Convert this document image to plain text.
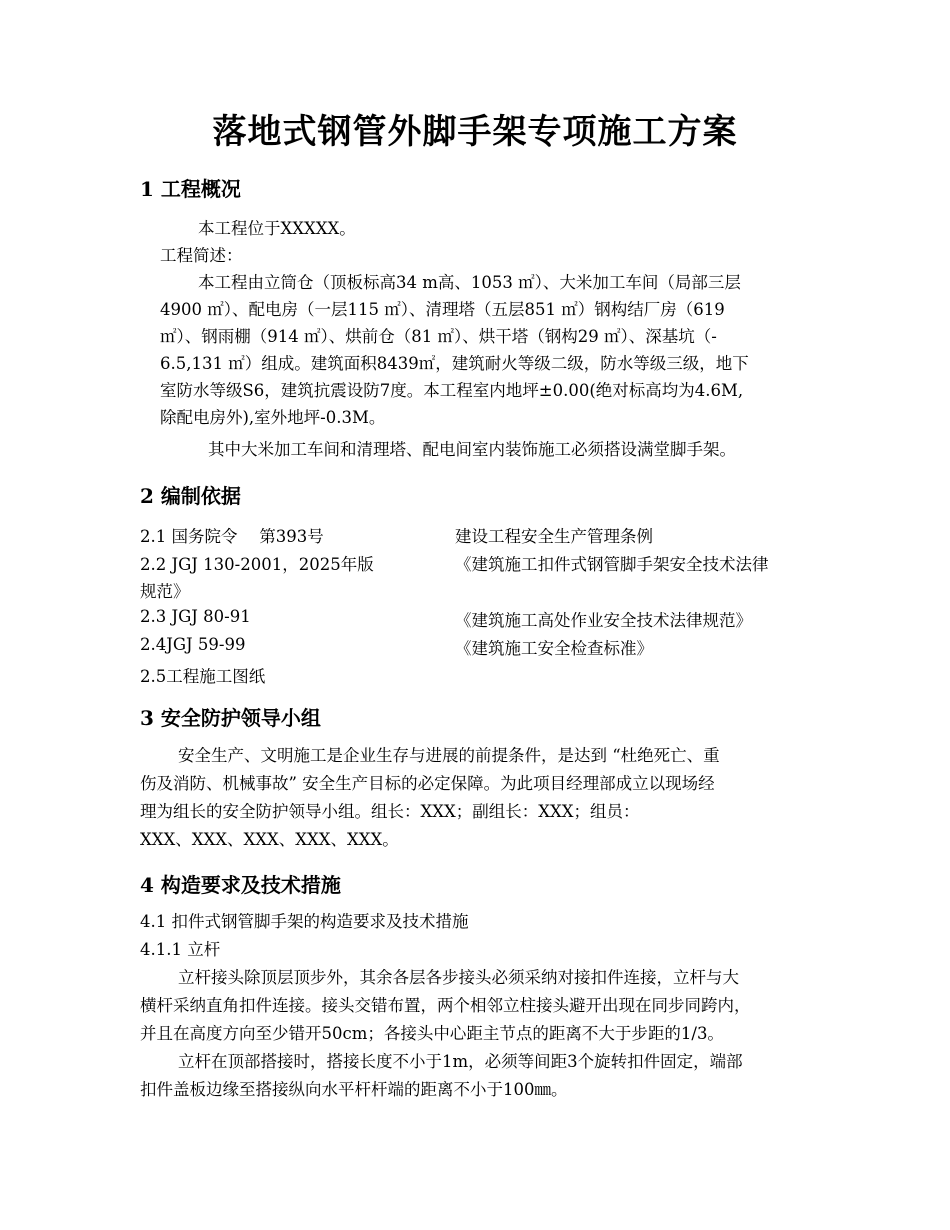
落地式钢管外脚手架专项施工方案
1 工程概况

本工程位于XXXXX。

工程简述：

本工程由立筒仓（顶板标高34 m高、1053 ㎡）、大米加工车间（局部三层

4900 ㎡）、配电房（一层115 ㎡）、清理塔（五层851 ㎡）钢构结厂房（619

㎡）、钢雨棚（914 ㎡）、烘前仓（81 ㎡）、烘干塔（钢构29 ㎡）、深基坑（-

6.5,131 ㎡）组成。建筑面积8439㎡，建筑耐火等级二级，防水等级三级，地下

室防水等级S6，建筑抗震设防7度。本工程室内地坪±0.00(绝对标高均为4.6M,

除配电房外),室外地坪-0.3M。

其中大米加工车间和清理塔、配电间室内装饰施工必须搭设满堂脚手架。

2 编制依据
2.1 国务院令　 第393号	建设工程安全生产管理条例
2.2 JGJ 130-2001，2025年版	《建筑施工扣件式钢管脚手架安全技术法律
规范》
2.3 JGJ 80-91	《建筑施工高处作业安全技术法律规范》
2.4JGJ 59-99	《建筑施工安全检查标准》
2.5工程施工图纸
3 安全防护领导小组

安全生产、文明施工是企业生存与进展的前提条件，是达到 “杜绝死亡、重

伤及消防、机械事故” 安全生产目标的必定保障。为此项目经理部成立以现场经

理为组长的安全防护领导小组。组长：XXX；副组长：XXX；组员：

XXX、XXX、XXX、XXX、XXX。

4 构造要求及技术措施

4.1 扣件式钢管脚手架的构造要求及技术措施

4.1.1 立杆

立杆接头除顶层顶步外，其余各层各步接头必须采纳对接扣件连接，立杆与大

横杆采纳直角扣件连接。接头交错布置，两个相邻立柱接头避开出现在同步同跨内，

并且在高度方向至少错开50cm；各接头中心距主节点的距离不大于步距的1/3。

立杆在顶部搭接时，搭接长度不小于1m，必须等间距3个旋转扣件固定，端部

扣件盖板边缘至搭接纵向水平杆杆端的距离不小于100㎜。
